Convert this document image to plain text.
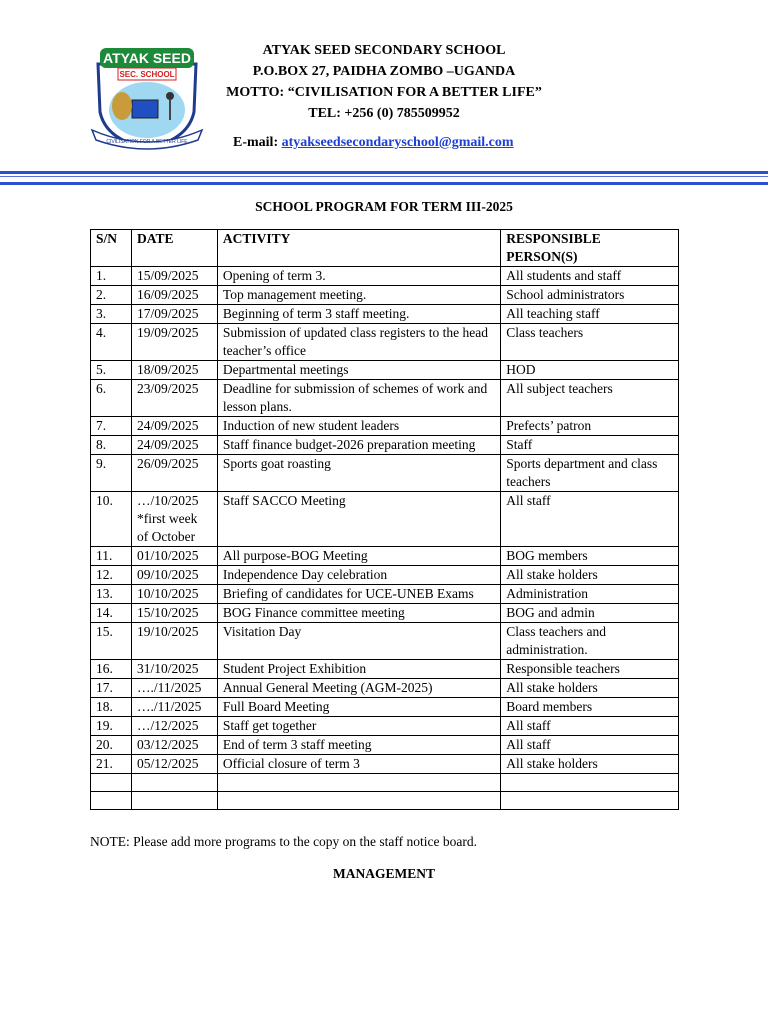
ATYAK SEED
SEC. SCHOOL
CIVILISATION FOR A BETTER LIFE
ATYAK SEED SECONDARY SCHOOL
P.O.BOX 27, PAIDHA ZOMBO –UGANDA
MOTTO: “CIVILISATION FOR A BETTER LIFE”
TEL: +256 (0) 785509952
E-mail: atyakseedsecondaryschool@gmail.com
SCHOOL PROGRAM FOR TERM III-2025
S/N	DATE	ACTIVITY	RESPONSIBLE PERSON(S)
1.	15/09/2025	Opening of term 3.	All students and staff
2.	16/09/2025	Top management meeting.	School administrators
3.	17/09/2025	Beginning of term 3 staff meeting.	All teaching staff
4.	19/09/2025	Submission of updated class registers to the head teacher’s office	Class teachers
5.	18/09/2025	Departmental meetings	HOD
6.	23/09/2025	Deadline for submission of schemes of work and lesson plans.	All subject teachers
7.	24/09/2025	Induction of new student leaders	Prefects’ patron
8.	24/09/2025	Staff finance budget-2026 preparation meeting	Staff
9.	26/09/2025	Sports goat roasting	Sports department and class teachers
10.	…/10/2025 *first week of October	Staff SACCO Meeting	All staff
11.	01/10/2025	All purpose-BOG Meeting	BOG members
12.	09/10/2025	Independence Day celebration	All stake holders
13.	10/10/2025	Briefing of candidates for UCE-UNEB Exams	Administration
14.	15/10/2025	BOG Finance committee meeting	BOG and admin
15.	19/10/2025	Visitation Day	Class teachers and administration.
16.	31/10/2025	Student Project Exhibition	Responsible teachers
17.	…./11/2025	Annual General Meeting (AGM-2025)	All stake holders
18.	…./11/2025	Full Board Meeting	Board members
19.	…/12/2025	Staff get together	All staff
20.	03/12/2025	End of term 3 staff meeting	All staff
21.	05/12/2025	Official closure of term 3	All stake holders

NOTE: Please add more programs to the copy on the staff notice board.
MANAGEMENT
